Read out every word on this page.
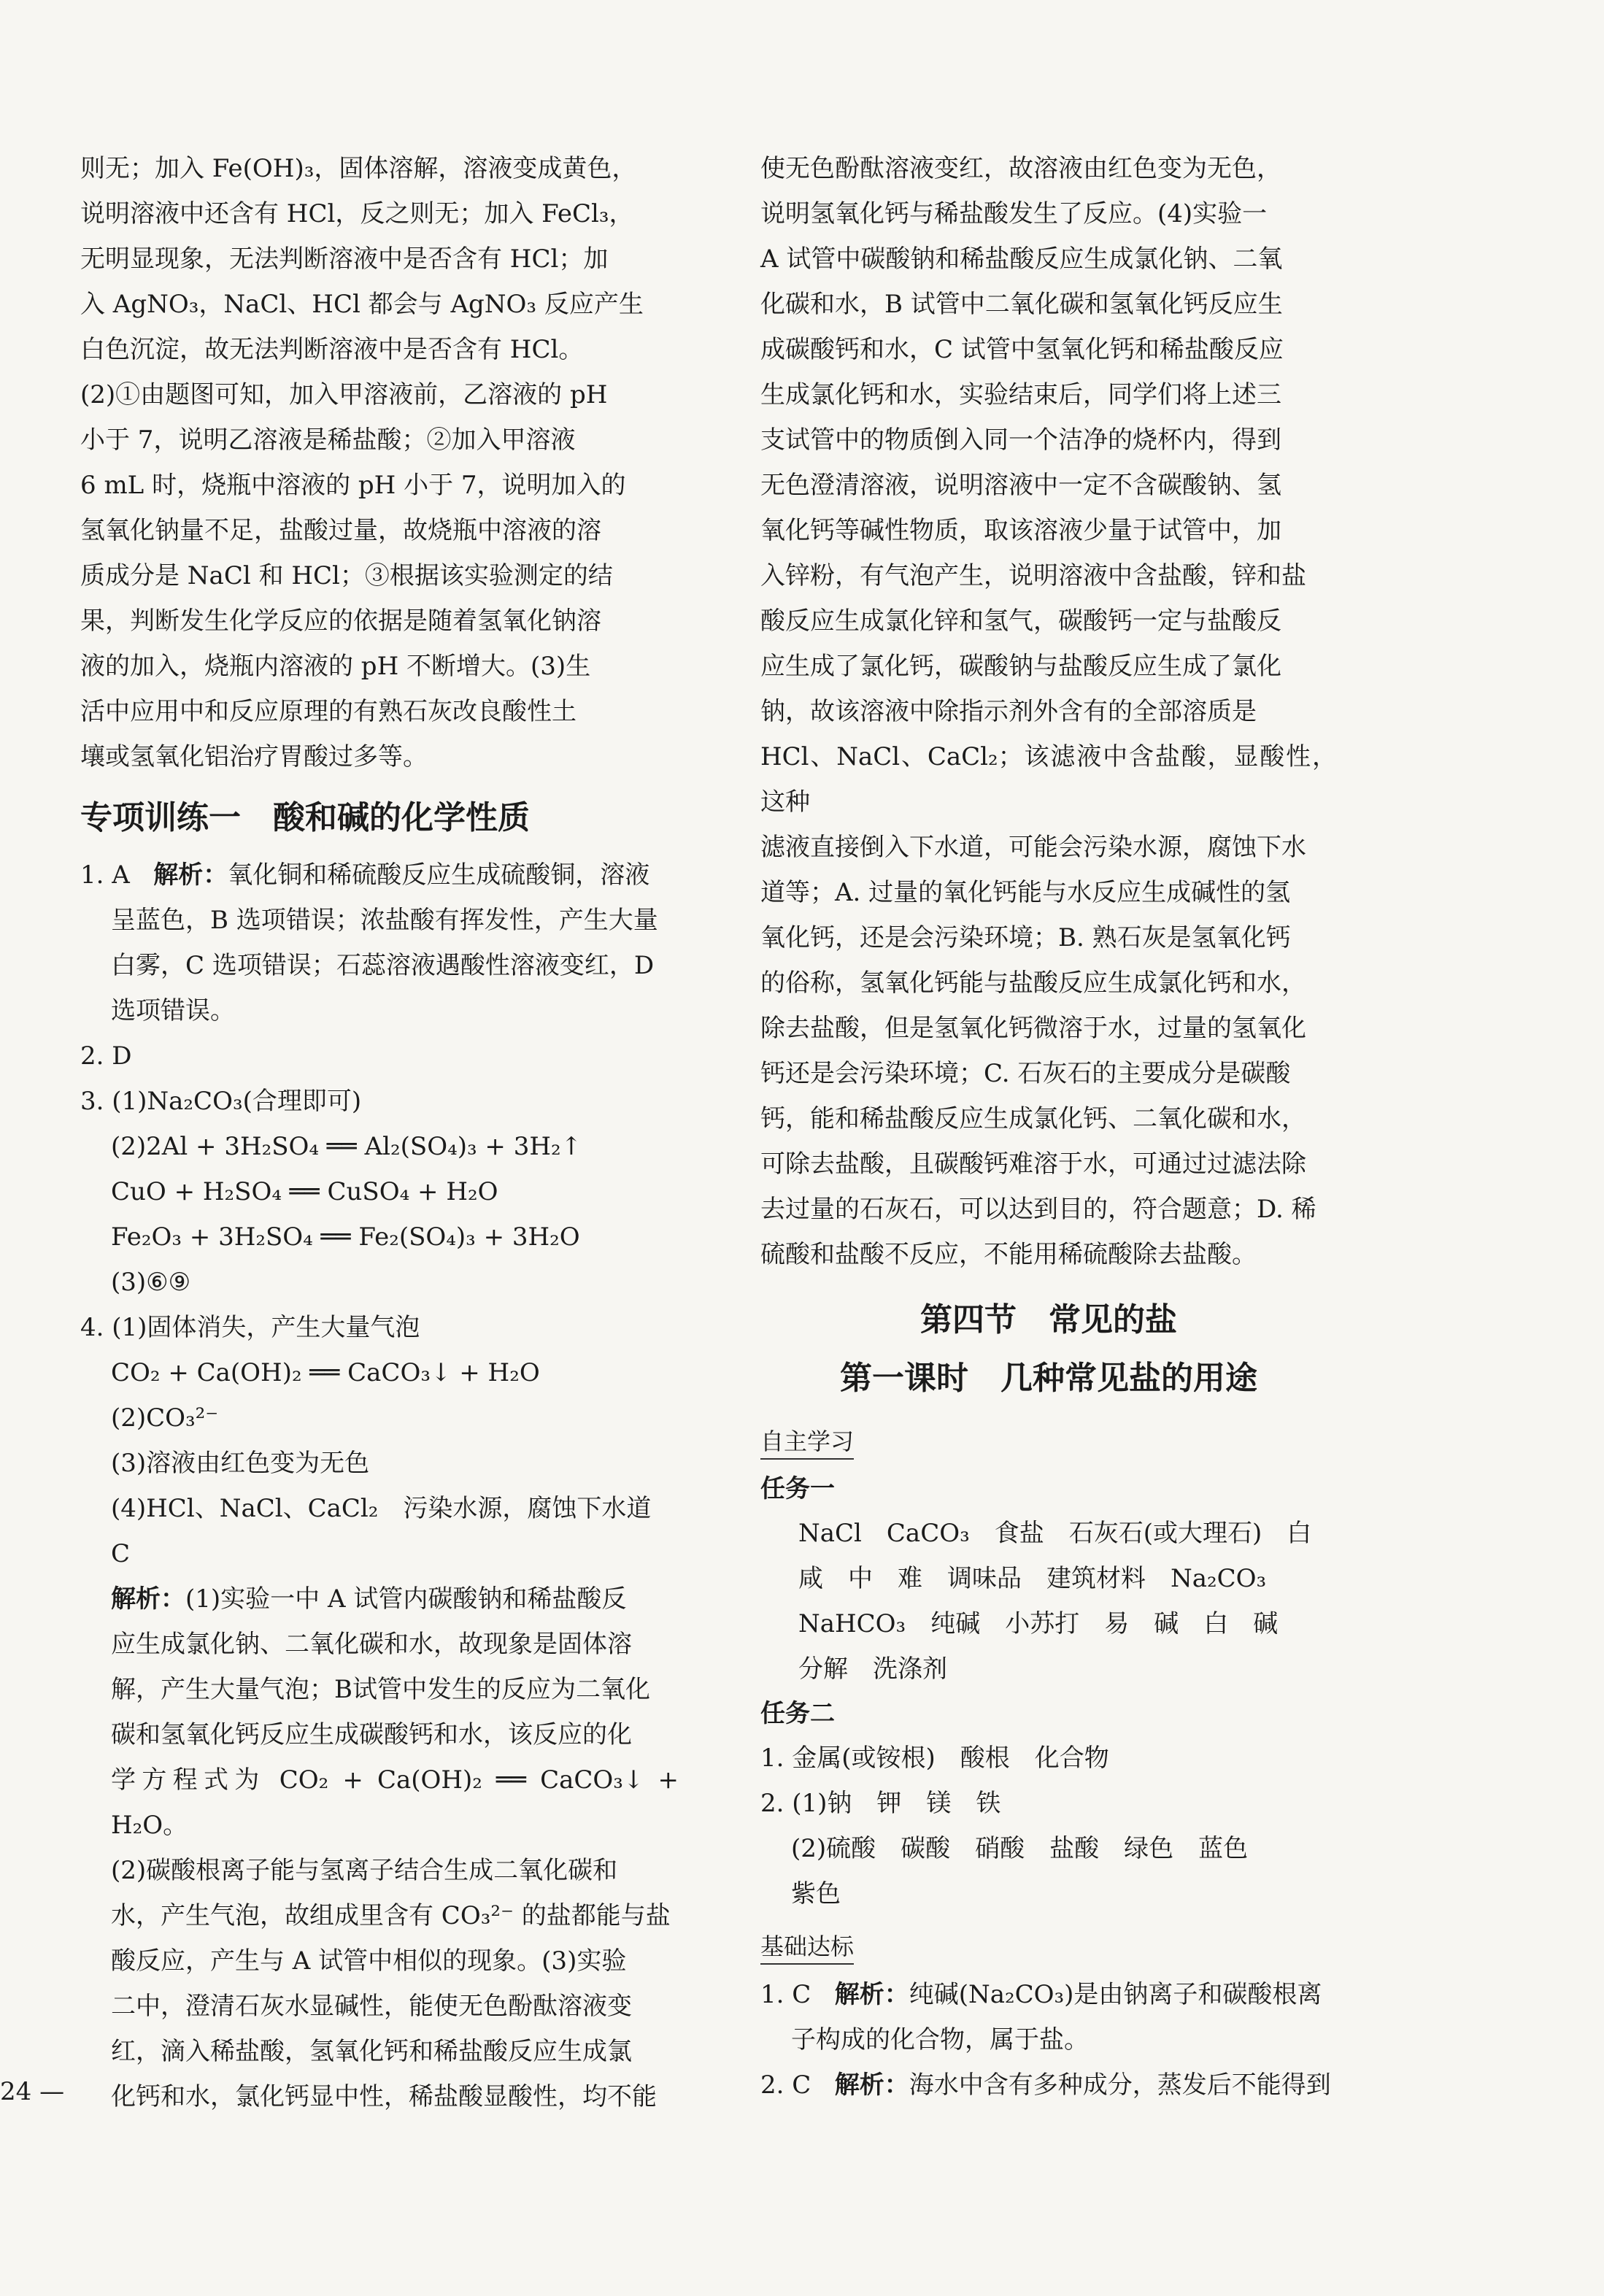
则无；加入 Fe(OH)₃，固体溶解，溶液变成黄色，

说明溶液中还含有 HCl，反之则无；加入 FeCl₃，

无明显现象，无法判断溶液中是否含有 HCl；加

入 AgNO₃，NaCl、HCl 都会与 AgNO₃ 反应产生

白色沉淀，故无法判断溶液中是否含有 HCl。

(2)①由题图可知，加入甲溶液前，乙溶液的 pH

小于 7，说明乙溶液是稀盐酸；②加入甲溶液

6 mL 时，烧瓶中溶液的 pH 小于 7，说明加入的

氢氧化钠量不足，盐酸过量，故烧瓶中溶液的溶

质成分是 NaCl 和 HCl；③根据该实验测定的结

果，判断发生化学反应的依据是随着氢氧化钠溶

液的加入，烧瓶内溶液的 pH 不断增大。(3)生

活中应用中和反应原理的有熟石灰改良酸性土

壤或氢氧化铝治疗胃酸过多等。

专项训练一　酸和碱的化学性质

1. A 解析：氧化铜和稀硫酸反应生成硫酸铜，溶液

呈蓝色，B 选项错误；浓盐酸有挥发性，产生大量

白雾，C 选项错误；石蕊溶液遇酸性溶液变红，D

选项错误。

2. D

3. (1)Na₂CO₃(合理即可)

(2)2Al + 3H₂SO₄ ══ Al₂(SO₄)₃ + 3H₂↑

CuO + H₂SO₄ ══ CuSO₄ + H₂O

Fe₂O₃ + 3H₂SO₄ ══ Fe₂(SO₄)₃ + 3H₂O

(3)⑥⑨

4. (1)固体消失，产生大量气泡

CO₂ + Ca(OH)₂ ══ CaCO₃↓ + H₂O

(2)CO₃²⁻

(3)溶液由红色变为无色

(4)HCl、NaCl、CaCl₂　污染水源，腐蚀下水道

C

解析：(1)实验一中 A 试管内碳酸钠和稀盐酸反

应生成氯化钠、二氧化碳和水，故现象是固体溶

解，产生大量气泡；B试管中发生的反应为二氧化

碳和氢氧化钙反应生成碳酸钙和水，该反应的化

学方程式为 CO₂ + Ca(OH)₂ ══ CaCO₃↓ + H₂O。

(2)碳酸根离子能与氢离子结合生成二氧化碳和

水，产生气泡，故组成里含有 CO₃²⁻ 的盐都能与盐

酸反应，产生与 A 试管中相似的现象。(3)实验

二中，澄清石灰水显碱性，能使无色酚酞溶液变

红，滴入稀盐酸，氢氧化钙和稀盐酸反应生成氯

化钙和水，氯化钙显中性，稀盐酸显酸性，均不能

使无色酚酞溶液变红，故溶液由红色变为无色，

说明氢氧化钙与稀盐酸发生了反应。(4)实验一

A 试管中碳酸钠和稀盐酸反应生成氯化钠、二氧

化碳和水，B 试管中二氧化碳和氢氧化钙反应生

成碳酸钙和水，C 试管中氢氧化钙和稀盐酸反应

生成氯化钙和水，实验结束后，同学们将上述三

支试管中的物质倒入同一个洁净的烧杯内，得到

无色澄清溶液，说明溶液中一定不含碳酸钠、氢

氧化钙等碱性物质，取该溶液少量于试管中，加

入锌粉，有气泡产生，说明溶液中含盐酸，锌和盐

酸反应生成氯化锌和氢气，碳酸钙一定与盐酸反

应生成了氯化钙，碳酸钠与盐酸反应生成了氯化

钠，故该溶液中除指示剂外含有的全部溶质是

HCl、NaCl、CaCl₂；该滤液中含盐酸，显酸性，这种

滤液直接倒入下水道，可能会污染水源，腐蚀下水

道等；A. 过量的氧化钙能与水反应生成碱性的氢

氧化钙，还是会污染环境；B. 熟石灰是氢氧化钙

的俗称，氢氧化钙能与盐酸反应生成氯化钙和水，

除去盐酸，但是氢氧化钙微溶于水，过量的氢氧化

钙还是会污染环境；C. 石灰石的主要成分是碳酸

钙，能和稀盐酸反应生成氯化钙、二氧化碳和水，

可除去盐酸，且碳酸钙难溶于水，可通过过滤法除

去过量的石灰石，可以达到目的，符合题意；D. 稀

硫酸和盐酸不反应，不能用稀硫酸除去盐酸。

第四节　常见的盐
第一课时　几种常见盐的用途
自主学习
任务一

NaCl　CaCO₃　食盐　石灰石(或大理石)　白

咸　中　难　调味品　建筑材料　Na₂CO₃

NaHCO₃　纯碱　小苏打　易　碱　白　碱

分解　洗涤剂

任务二

1. 金属(或铵根)　酸根　化合物

2. (1)钠　钾　镁　铁

(2)硫酸　碳酸　硝酸　盐酸　绿色　蓝色

紫色

基础达标

1. C 解析：纯碱(Na₂CO₃)是由钠离子和碳酸根离

子构成的化合物，属于盐。

2. C 解析：海水中含有多种成分，蒸发后不能得到

24 —
